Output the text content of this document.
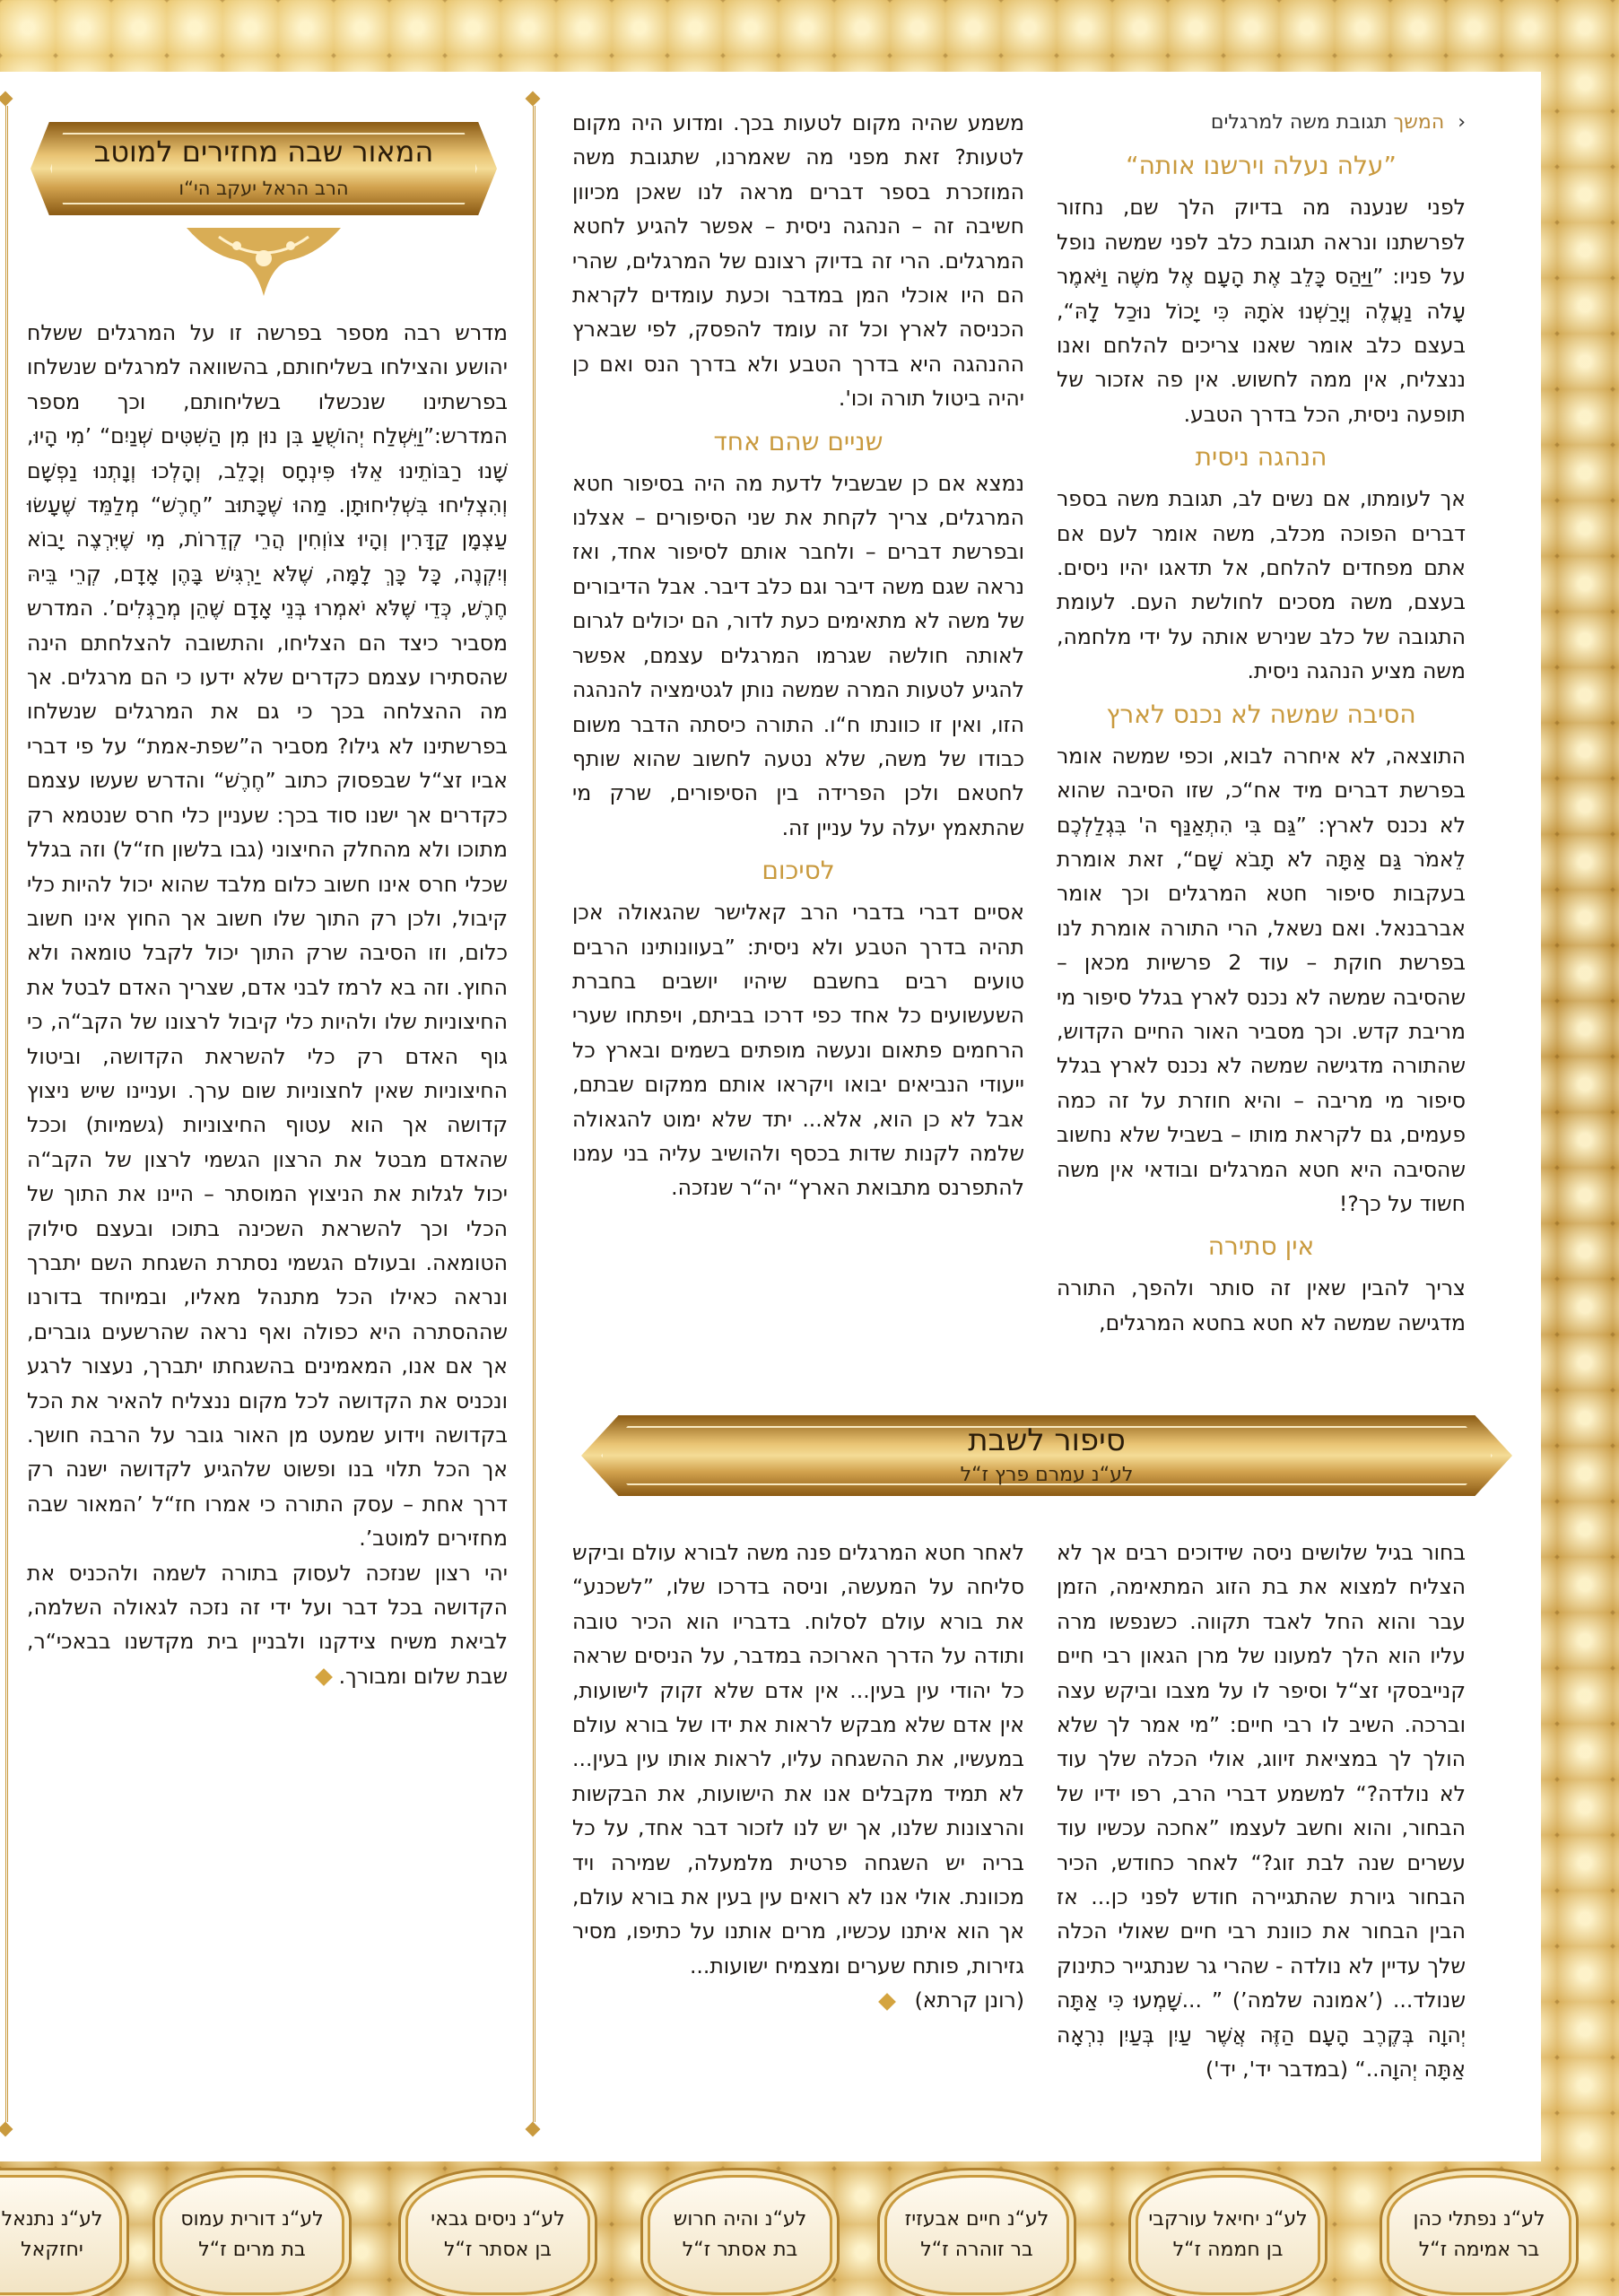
‹ המשך תגובת משה למרגלים
”עלה נעלה וירשנו אותה“

לפני שנענה מה בדיוק הלך שם, נחזור לפרשתנו ונראה תגובת כלב לפני שמשה נופל על פניו: ”וַיַּהַס כָּלֵב אֶת הָעָם אֶל משֶׁה וַיֹּאמֶר עָלֹה נַעֲלֶה וְיָרַשְׁנוּ אֹתָהּ כִּי יָכוֹל נוּכַל לָהּ“, בעצם כלב אומר שאנו צריכים להלחם ואנו ננצליח, אין ממה לחשוש. אין פה אזכור של תופעה ניסית, הכל בדרך הטבע.

הנהגה ניסית

אך לעומתו, אם נשים לב, תגובת משה בספר דברים הפוכה מכלב, משה אומר לעם אם אתם מפחדים להלחם, אל תדאגו יהיו ניסים. בעצם, משה מסכים לחולשת העם. לעומת התגובה של כלב שנירש אותה על ידי מלחמה, משה מציע הנהגה ניסית.

הסיבה שמשה לא נכנס לארץ

התוצאה, לא איחרה לבוא, וכפי שמשה אומר בפרשת דברים מיד אח“כ, שזו הסיבה שהוא לא נכנס לארץ: ”גַּם בִּי הִתְאַנַּף ה' בִּגְלַלְכֶם לֵאמֹר גַּם אַתָּה לֹא תָבֹא שָׁם“, זאת אומרת בעקבות סיפור חטא המרגלים וכך אומר אברבנאל. ואם נשאל, הרי התורה אומרת לנו בפרשת חוקת – עוד 2 פרשיות מכאן – שהסיבה שמשה לא נכנס לארץ בגלל סיפור מי מריבת קדש. וכך מסביר האור החיים הקדוש, שהתורה מדגישה שמשה לא נכנס לארץ בגלל סיפור מי מריבה – והיא חוזרת על זה כמה פעמים, גם לקראת מותו – בשביל שלא נחשוב שהסיבה היא חטא המרגלים ובודאי אין משה חשוד על כך?!

אין סתירה

צריך להבין שאין זה סותר ולהפך, התורה מדגישה שמשה לא חטא בחטא המרגלים,

משמע שהיה מקום לטעות בכך. ומדוע היה מקום לטעות? זאת מפני מה שאמרנו, שתגובת משה המוזכרת בספר דברים מראה לנו שאכן מכיוון חשיבה זה – הנהגה ניסית – אפשר להגיע לחטא המרגלים. הרי זה בדיוק רצונם של המרגלים, שהרי הם היו אוכלי המן במדבר וכעת עומדים לקראת הכניסה לארץ וכל זה עומד להפסק, לפי שבארץ ההנהגה היא בדרך הטבע ולא בדרך הנס ואם כן יהיה ביטול תורה וכו'.

שניים שהם אחד

נמצא אם כן שבשביל לדעת מה היה בסיפור חטא המרגלים, צריך לקחת את שני הסיפורים – אצלנו ובפרשת דברים – ולחבר אותם לסיפור אחד, ואז נראה שגם משה דיבר וגם כלב דיבר. אבל הדיבורים של משה לא מתאימים כעת לדור, הם יכולים לגרום לאותה חולשה שגרמו המרגלים עצמם, אפשר להגיע לטעות המרה שמשה נותן לגטימציה להנהגה הזו, ואין זו כוונתו ח“ו. התורה כיסתה הדבר משום כבודו של משה, שלא נטעה לחשוב שהוא שותף לחטאם ולכן הפרידה בין הסיפורים, שרק מי שהתאמץ יעלה על עניין זה.

לסיכום

אסיים דברי בדברי הרב קאלישר שהגאולה אכן תהיה בדרך הטבע ולא ניסית: ”בעוונותינו הרבים טועים רבים בחשבם שיהיו יושבים בחברת השעשועים כל אחד כפי דרכו בביתם, ויפתחו שערי הרחמים פתאום ונעשה מופתים בשמים ובארץ כל ייעודי הנביאים יבואו ויקראו אותם ממקום שבתם, אבל לא כן הוא, אלא... יתד שלא ימוט להגאולה שלמה לקנות שדות בכסף ולהושיב עליה בני עמנו להתפרנס מתבואת הארץ“ יה“ר שנזכה.

המאור שבה מחזירים למוטב
הרב הראל יעקב הי“ו

מדרש רבה מספר בפרשה זו על המרגלים ששלח יהושע והצילחו בשליחותם, בהשוואה למרגלים שנשלחו בפרשתינו שנכשלו בשליחותם, וכך מספר המדרש:”וַיִּשְׁלַח יְהוֹשֻׁעַ בִּן נוּן מִן הַשִּׁטִּים שְׁנַיִם“ ’מִי הָיוּ, שָׁנוּ רַבּוֹתֵינוּ אֵלּוּ פִּינְחָס וְכָלֵב, וְהָלְכוּ וְנָתְנוּ נַפְשָׁם וְהִצְלִיחוּ בִּשְׁלִיחוּתָן. מַהוּ שֶׁכָּתוּב ”חֶרֶשׁ“ מְלַמֵּד שֶׁעָשׂוּ עַצְמָן קַדָּרִין וְהָיוּ צוֹוְחִין הֲרֵי קְדֵרוֹת, מִי שֶׁיִּרְצֶה יָבוֹא וְיִקְנֶה, כָּל כָּךְ לָמָּה, שֶׁלֹּא יַרְגִּישׁ בָּהֶן אָדָם, קְרֵי בֵּיהּ חֶרֶשׁ, כְּדֵי שֶׁלֹּא יֹאמְרוּ בְּנֵי אָדָם שֶׁהֵן מְרַגְּלִים’. המדרש מסביר כיצד הם הצליחו, והתשובה להצלחתם הינה שהסתירו עצמם כקדרים שלא ידעו כי הם מרגלים. אך מה ההצלחה בכך כי גם את המרגלים שנשלחו בפרשתינו לא גילו? מסביר ה”שפת-אמת“ על פי דברי אביו זצ“ל שבפסוק כתוב ”חֶרֶשׁ“ והדרש שעשו עצמם כקדרים אך ישנו סוד בכך: שעניין כלי חרס שנטמא רק מתוכו ולא מהחלק החיצוני (גבו בלשון חז“ל) וזה בגלל שכלי חרס אינו חשוב כלום מלבד שהוא יכול להיות כלי קיבול, ולכן רק התוך שלו חשוב אך החוץ אינו חשוב כלום, וזו הסיבה שרק התוך יכול לקבל טומאה ולא החוץ. וזה בא לרמז לבני אדם, שצריך האדם לבטל את החיצוניות שלו ולהיות כלי קיבול לרצונו של הקב“ה, כי גוף האדם רק כלי להשראת הקדושה, וביטול החיצוניות שאין לחצוניות שום ערך. ועניינו שיש ניצוץ קדושה אך הוא עטוף החיצוניות (גשמיות) וככל שהאדם מבטל את הרצון הגשמי לרצון של הקב“ה יכול לגלות את הניצוץ המוסתר – היינו את התוך של הכלי וכך להשראת השכינה בתוכו ובעצם סילוק הטומאה. ובעולם הגשמי נסתרת השגחת השם יתברך ונראה כאילו הכל מתנהל מאליו, ובמיוחד בדורנו שההסתרה היא כפולה ואף נראה שהרשעים גוברים, אך אם אנו, המאמינים בהשגחתו יתברך, נעצור לרגע ונכניס את הקדושה לכל מקום ננצליח להאיר את הכל בקדושה וידוע שמעט מן האור גובר על הרבה חושך. אך הכל תלוי בנו ופשוט שלהגיע לקדושה ישנה רק דרך אחת – עסק התורה כי אמרו חז“ל ’המאור שבה מחזירים למוטב’.

יהי רצון שנזכה לעסוק בתורה לשמה ולהכניס את הקדושה בכל דבר ועל ידי זה נזכה לגאולה השלמה, לביאת משיח צידקנו ולבניין בית מקדשנו בבאכי“ר, שבת שלום ומבורך.

סיפור לשבת
לע“נ עמרם פרץ ז“ל

בחור בגיל שלושים ניסה שידוכים רבים אך לא הצליח למצוא את בת הזוג המתאימה, הזמן עבר והוא החל לאבד תקווה. כשנפשו מרה עליו הוא הלך למעונו של מרן הגאון רבי חיים קנייבסקי זצ“ל וסיפר לו על מצבו וביקש עצה וברכה. השיב לו רבי חיים: ”מי אמר לך שלא הולך לך במציאת זיווג, אולי הכלה שלך עוד לא נולדה?“ למשמע דברי הרב, רפו ידיו של הבחור, והוא וחשב לעצמו ”אחכה עכשיו עוד עשרים שנה לבת זוג?“ לאחר כחודש, הכיר הבחור גיורת שהתגיירה חודש לפני כן... אז הבין הבחור את כוונת רבי חיים שאולי הכלה שלך עדיין לא נולדה - שהרי גר שנתגייר כתינוק שנולד... (’אמונה שלמה’) ” ...שָׁמְעוּ כִּי אַתָּה יְהוָה בְּקֶרֶב הָעָם הַזֶּה אֲשֶׁר עַיִן בְּעַיִן נִרְאָה אַתָּה יְהוָה..“ (במדבר יד', יד')

לאחר חטא המרגלים פנה משה לבורא עולם וביקש סליחה על המעשה, וניסה בדרכו שלו, ”לשכנע“ את בורא עולם לסלוח. בדבריו הוא הכיר טובה ותודה על הדרך הארוכה במדבר, על הניסים שראה כל יהודי עין בעין... אין אדם שלא זקוק לישועות, אין אדם שלא מבקש לראות את ידו של בורא עולם במעשיו, את ההשגחה עליו, לראות אותו עין בעין... לא תמיד מקבלים אנו את הישועות, את הבקשות והרצונות שלנו, אך יש לנו לזכור דבר אחד, על כל בריה יש השגחה פרטית מלמעלה, שמירה ויד מכוונת. אולי אנו לא רואים עין בעין את בורא עולם, אך הוא איתנו עכשיו, מרים אותנו על כתיפו, מסיר גזירות, פותח שערים ומצמיח ישועות...

(רונן קרתא)

לע“נ נפתלי כהן
בר אמימה ז“ל
לע“נ יחיאל עורקבי
בן חממה ז“ל
לע“נ חיים אבעזיז
בר זוהרה ז“ל
לע“נ והיה חרוש
בת אסתר ז“ל
לע“נ ניסים גבאי
בן אסתר ז“ל
לע“נ דורית עמוס
בת מרים ז“ל
לע“נ נתנאל
יחזקאל
